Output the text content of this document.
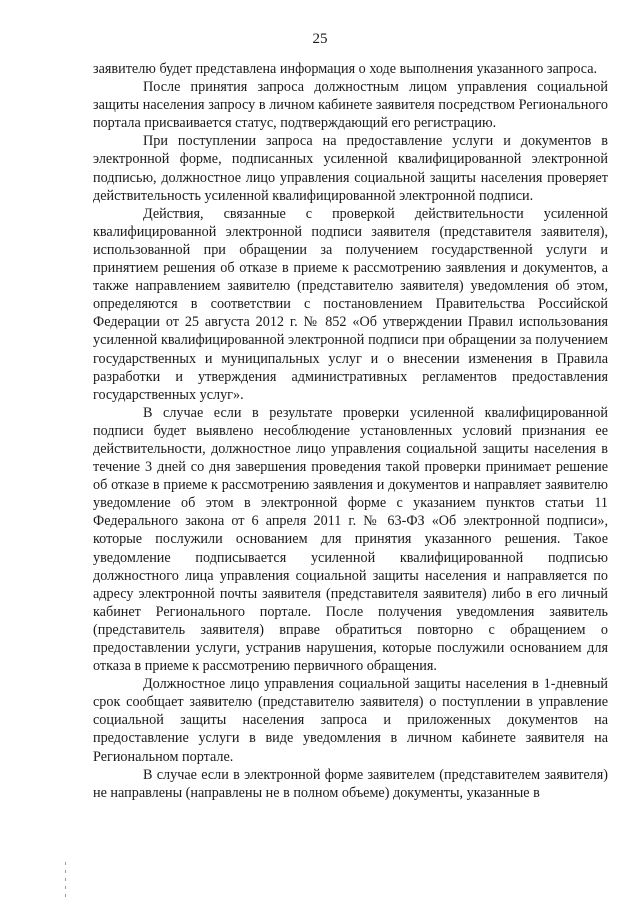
25

заявителю будет представлена информация о ходе выполнения указанного запроса.

После принятия запроса должностным лицом управления социальной защиты населения запросу в личном кабинете заявителя посредством Регионального портала присваивается статус, подтверждающий его регистрацию.

При поступлении запроса на предоставление услуги и документов в электронной форме, подписанных усиленной квалифицированной электронной подписью, должностное лицо управления социальной защиты населения проверяет действительность усиленной квалифицированной электронной подписи.

Действия, связанные с проверкой действительности усиленной квалифицированной электронной подписи заявителя (представителя заявителя), использованной при обращении за получением государственной услуги и принятием решения об отказе в приеме к рассмотрению заявления и документов, а также направлением заявителю (представителю заявителя) уведомления об этом, определяются в соответствии с постановлением Правительства Российской Федерации от 25 августа 2012 г. № 852 «Об утверждении Правил использования усиленной квалифицированной электронной подписи при обращении за получением государственных и муниципальных услуг и о внесении изменения в Правила разработки и утверждения административных регламентов предоставления государственных услуг».

В случае если в результате проверки усиленной квалифицированной подписи будет выявлено несоблюдение установленных условий признания ее действительности, должностное лицо управления социальной защиты населения в течение 3 дней со дня завершения проведения такой проверки принимает решение об отказе в приеме к рассмотрению заявления и документов и направляет заявителю уведомление об этом в электронной форме с указанием пунктов статьи 11 Федерального закона от 6 апреля 2011 г. № 63-ФЗ «Об электронной подписи», которые послужили основанием для принятия указанного решения. Такое уведомление подписывается усиленной квалифицированной подписью должностного лица управления социальной защиты населения и направляется по адресу электронной почты заявителя (представителя заявителя) либо в его личный кабинет Регионального портале. После получения уведомления заявитель (представитель заявителя) вправе обратиться повторно с обращением о предоставлении услуги, устранив нарушения, которые послужили основанием для отказа в приеме к рассмотрению первичного обращения.

Должностное лицо управления социальной защиты населения в 1-дневный срок сообщает заявителю (представителю заявителя) о поступлении в управление социальной защиты населения запроса и приложенных документов на предоставление услуги в виде уведомления в личном кабинете заявителя на Региональном портале.

В случае если в электронной форме заявителем (представителем заявителя) не направлены (направлены не в полном объеме) документы, указанные в
